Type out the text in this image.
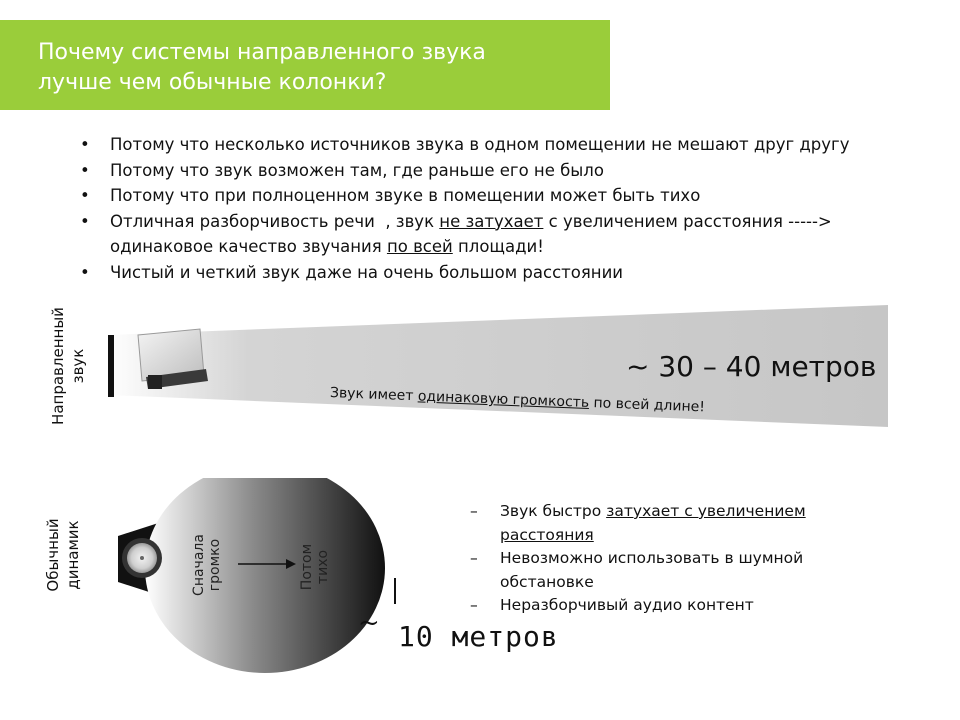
Почему системы направленного звука
лучше чем обычные колонки?
• Потому что несколько источников звука в одном помещении не мешают друг другу
• Потому что звук возможен там, где раньше его не было
• Потому что при полноценном звуке в помещении может быть тихо
• Отличная разборчивость речи  , звук не затухает с увеличением расстояния ----->
одинаковое качество звучания по всей площади!
• Чистый и четкий звук даже на очень большом расстоянии
Направленный звук	~ 30 – 40 метров
Звук имеет одинаковую громкость по всей длине!
Обычный динамик	Сначала громко	Потом тихо
~ 10 метров
– Звук быстро затухает с увеличением расстояния
– Невозможно использовать в шумной обстановке
– Неразборчивый аудио контент
